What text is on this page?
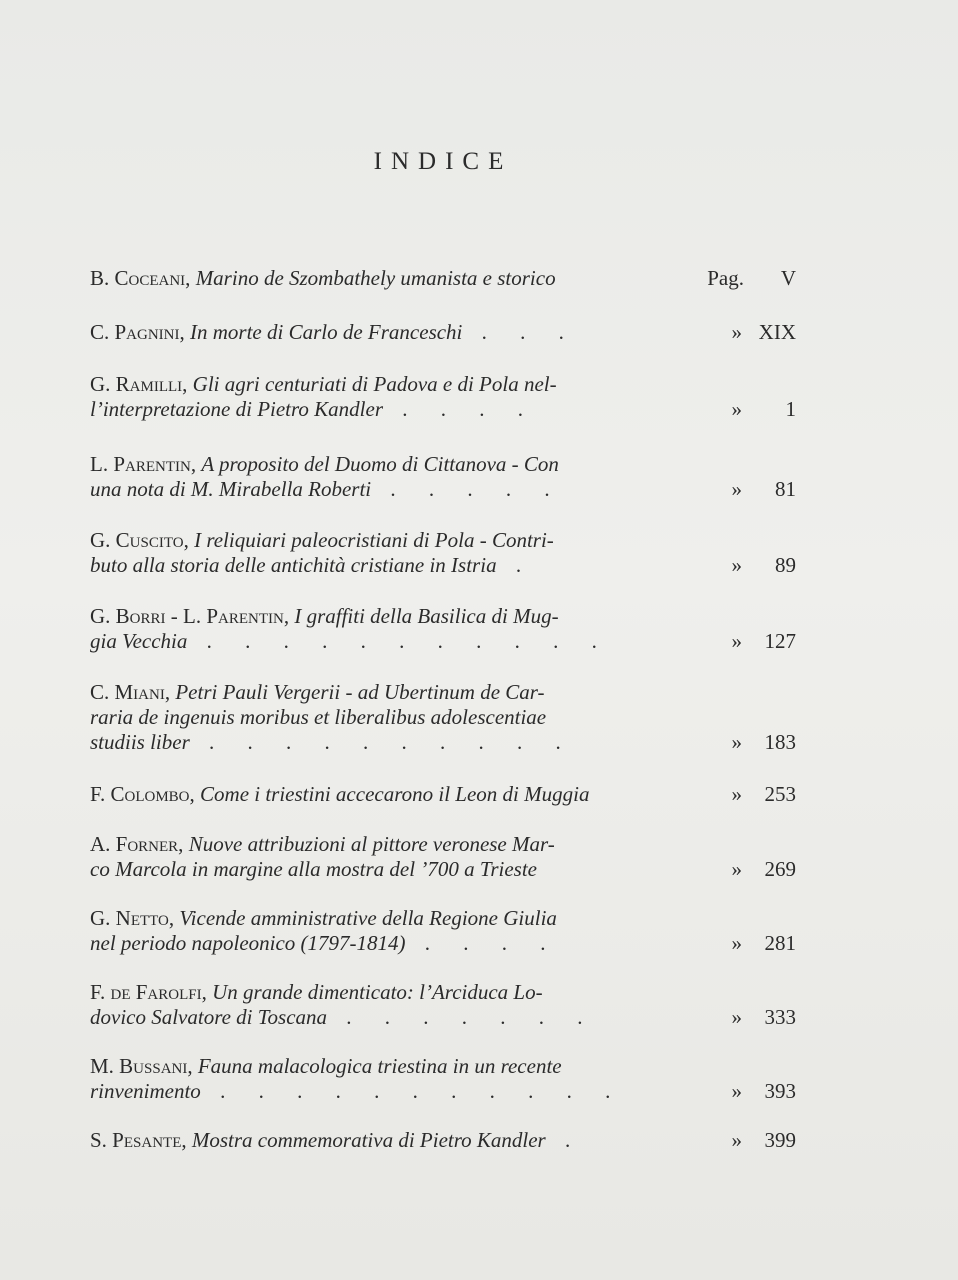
INDICE
B. Coceani, Marino de Szombathely umanista e storico	Pag. V
C. Pagnini, In morte di Carlo de Franceschi . . .	» XIX
G. Ramilli, Gli agri centuriati di Padova e di Pola nel-
l’interpretazione di Pietro Kandler . . . .	» 1
L. Parentin, A proposito del Duomo di Cittanova - Con
una nota di M. Mirabella Roberti . . . . .	» 81
G. Cuscito, I reliquiari paleocristiani di Pola - Contri-
buto alla storia delle antichità cristiane in Istria .	» 89
G. Borri - L. Parentin, I graffiti della Basilica di Mug-
gia Vecchia . . . . . . . . . . .	» 127
C. Miani, Petri Pauli Vergerii - ad Ubertinum de Car-
raria de ingenuis moribus et liberalibus adolescentiae
studiis liber . . . . . . . . . .	» 183
F. Colombo, Come i triestini accecarono il Leon di Muggia	» 253
A. Forner, Nuove attribuzioni al pittore veronese Mar-
co Marcola in margine alla mostra del ’700 a Trieste	» 269
G. Netto, Vicende amministrative della Regione Giulia
nel periodo napoleonico (1797-1814) . . . .	» 281
F. de Farolfi, Un grande dimenticato: l’Arciduca Lo-
dovico Salvatore di Toscana . . . . . . .	» 333
M. Bussani, Fauna malacologica triestina in un recente
rinvenimento . . . . . . . . . . .	» 393
S. Pesante, Mostra commemorativa di Pietro Kandler .	» 399
